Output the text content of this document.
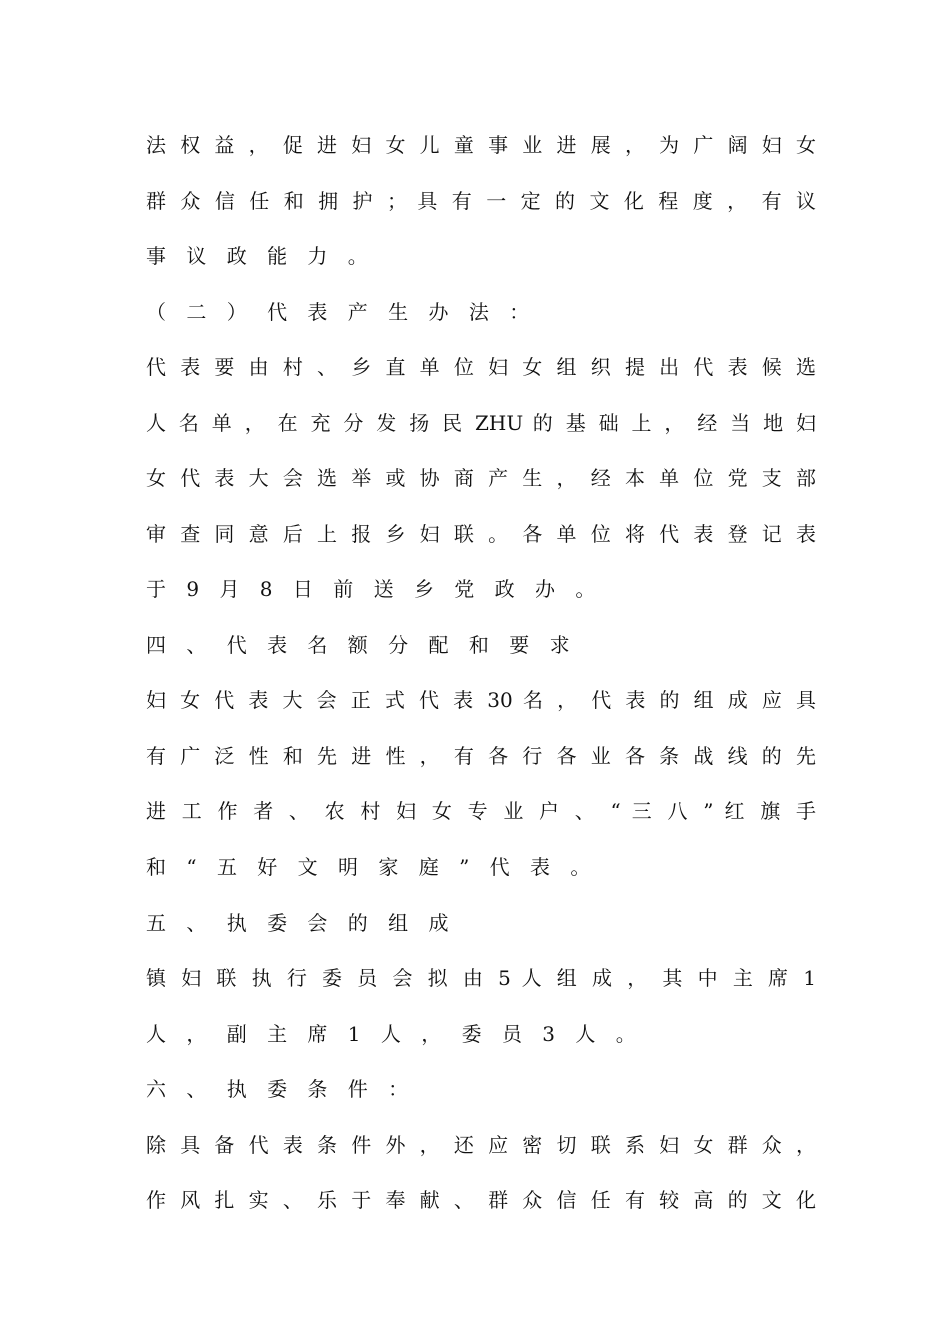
法 权 益 ， 促 进 妇 女 儿 童 事 业 进 展 ， 为 广 阔 妇 女
群 众 信 任 和 拥 护 ； 具 有 一 定 的 文 化 程 度 ， 有 议
事 议 政 能 力 。
（ 二 ） 代 表 产 生 办 法 ：
代 表 要 由 村 、 乡 直 单 位 妇 女 组 织 提 出 代 表 候 选
人 名 单 ， 在 充 分 发 扬 民 ZHU 的 基 础 上 ， 经 当 地 妇
女 代 表 大 会 选 举 或 协 商 产 生 ， 经 本 单 位 党 支 部
审 查 同 意 后 上 报 乡 妇 联 。 各 单 位 将 代 表 登 记 表
于 9 月 8 日 前 送 乡 党 政 办 。
四 、 代 表 名 额 分 配 和 要 求
妇 女 代 表 大 会 正 式 代 表 30 名 ， 代 表 的 组 成 应 具
有 广 泛 性 和 先 进 性 ， 有 各 行 各 业 各 条 战 线 的 先
进 工 作 者 、 农 村 妇 女 专 业 户 、 “ 三 八 ” 红 旗 手
和 “ 五 好 文 明 家 庭 ” 代 表 。
五 、 执 委 会 的 组 成
镇 妇 联 执 行 委 员 会 拟 由 5 人 组 成 ， 其 中 主 席 1
人 ， 副 主 席 1 人 ， 委 员 3 人 。
六 、 执 委 条 件 ：
除 具 备 代 表 条 件 外 ， 还 应 密 切 联 系 妇 女 群 众 ，
作 风 扎 实 、 乐 于 奉 献 、 群 众 信 任 有 较 高 的 文 化
